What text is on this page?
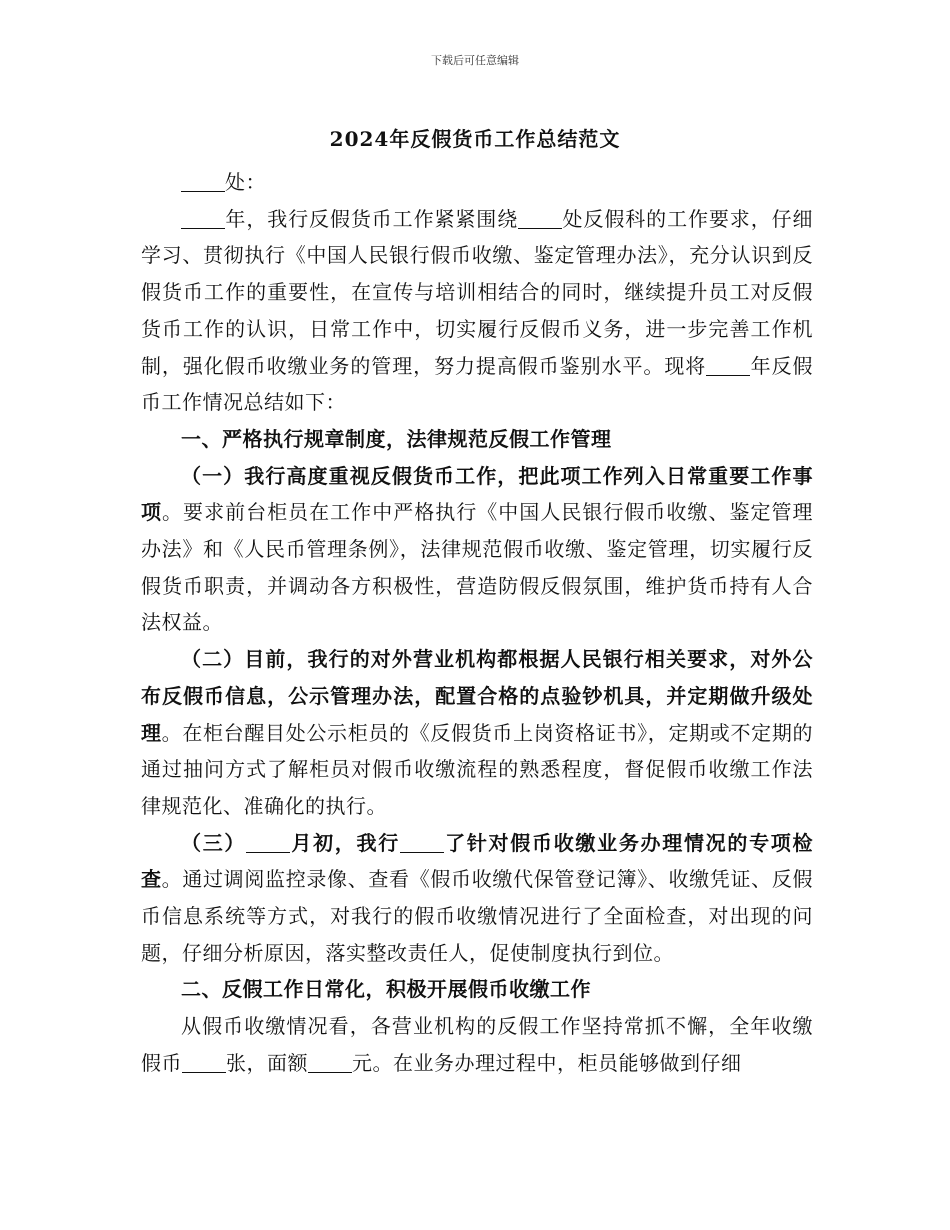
下载后可任意编辑
2024年反假货币工作总结范文

处：

年，我行反假货币工作紧紧围绕 处反假科的工作要求，仔细学习、贯彻执行《中国人民银行假币收缴、鉴定管理办法》，充分认识到反假货币工作的重要性，在宣传与培训相结合的同时，继续提升员工对反假货币工作的认识，日常工作中，切实履行反假币义务，进一步完善工作机制，强化假币收缴业务的管理，努力提高假币鉴别水平。现将 年反假币工作情况总结如下：

一、严格执行规章制度，法律规范反假工作管理

（一）我行高度重视反假货币工作，把此项工作列入日常重要工作事项。要求前台柜员在工作中严格执行《中国人民银行假币收缴、鉴定管理办法》和《人民币管理条例》，法律规范假币收缴、鉴定管理，切实履行反假货币职责，并调动各方积极性，营造防假反假氛围，维护货币持有人合法权益。

（二）目前，我行的对外营业机构都根据人民银行相关要求，对外公布反假币信息，公示管理办法，配置合格的点验钞机具，并定期做升级处理。在柜台醒目处公示柜员的《反假货币上岗资格证书》，定期或不定期的通过抽问方式了解柜员对假币收缴流程的熟悉程度，督促假币收缴工作法律规范化、准确化的执行。

（三） 月初，我行 了针对假币收缴业务办理情况的专项检查。通过调阅监控录像、查看《假币收缴代保管登记簿》、收缴凭证、反假币信息系统等方式，对我行的假币收缴情况进行了全面检查，对出现的问题，仔细分析原因，落实整改责任人，促使制度执行到位。

二、反假工作日常化，积极开展假币收缴工作

从假币收缴情况看，各营业机构的反假工作坚持常抓不懈，全年收缴假币 张，面额 元。在业务办理过程中，柜员能够做到仔细
